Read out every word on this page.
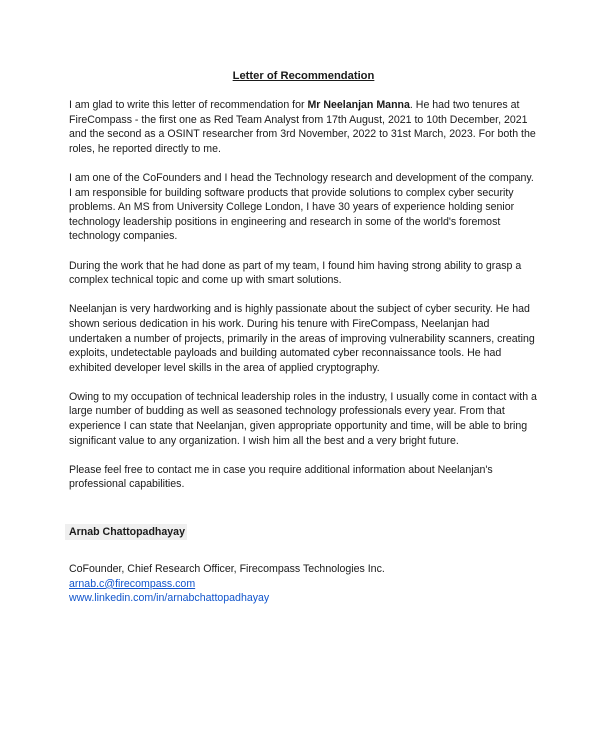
Letter of Recommendation

I am glad to write this letter of recommendation for Mr Neelanjan Manna. He had two tenures at FireCompass - the first one as Red Team Analyst from 17th August, 2021 to 10th December, 2021 and the second as a OSINT researcher from 3rd November, 2022 to 31st March, 2023. For both the roles, he reported directly to me.

I am one of the CoFounders and I head the Technology research and development of the company. I am responsible for building software products that provide solutions to complex cyber security problems. An MS from University College London, I have 30 years of experience holding senior technology leadership positions in engineering and research in some of the world's foremost technology companies.

During the work that he had done as part of my team, I found him having strong ability to grasp a complex technical topic and come up with smart solutions.

Neelanjan is very hardworking and is highly passionate about the subject of cyber security. He had shown serious dedication in his work. During his tenure with FireCompass, Neelanjan had undertaken a number of projects, primarily in the areas of improving vulnerability scanners, creating exploits, undetectable payloads and building automated cyber reconnaissance tools. He had exhibited developer level skills in the area of applied cryptography.

Owing to my occupation of technical leadership roles in the industry, I usually come in contact with a large number of budding as well as seasoned technology professionals every year. From that experience I can state that Neelanjan, given appropriate opportunity and time, will be able to bring significant value to any organization. I wish him all the best and a very bright future.

Please feel free to contact me in case you require additional information about Neelanjan's professional capabilities.

Arnab Chattopadhayay
CoFounder, Chief Research Officer, Firecompass Technologies Inc.
arnab.c@firecompass.com
www.linkedin.com/in/arnabchattopadhayay
